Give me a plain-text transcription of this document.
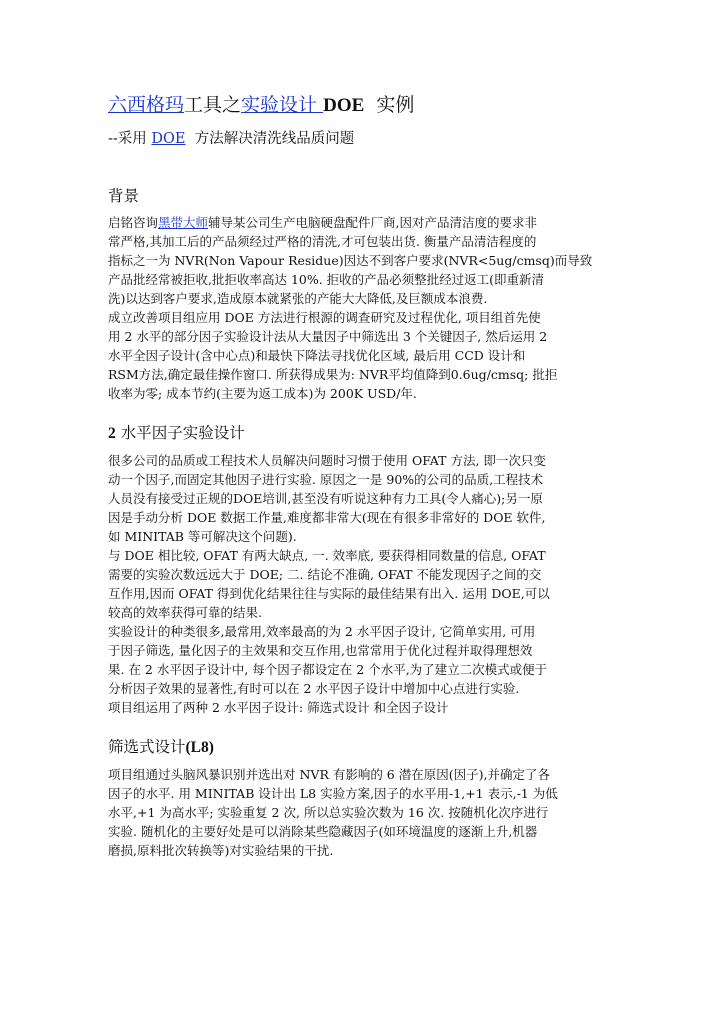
六西格玛工具之实验设计 DOE 实例
--采用 DOE 方法解决清洗线品质问题
背景
启铭咨询黑带大师辅导某公司生产电脑硬盘配件厂商,因对产品清洁度的要求非
常严格,其加工后的产品须经过严格的清洗,才可包装出货. 衡量产品清洁程度的
指标之一为 NVR(Non Vapour Residue)因达不到客户要求(NVR<5ug/cmsq)而导致
产品批经常被拒收,批拒收率高达 10%. 拒收的产品必须整批经过返工(即重新清
洗)以达到客户要求,造成原本就紧张的产能大大降低,及巨额成本浪费.
成立改善项目组应用 DOE 方法进行根源的调查研究及过程优化, 项目组首先使
用 2 水平的部分因子实验设计法从大量因子中筛选出 3 个关键因子, 然后运用 2
水平全因子设计(含中心点)和最快下降法寻找优化区域, 最后用 CCD 设计和
RSM方法,确定最佳操作窗口. 所获得成果为: NVR平均值降到0.6ug/cmsq; 批拒
收率为零; 成本节约(主要为返工成本)为 200K USD/年.
2 水平因子实验设计
很多公司的品质或工程技术人员解决问题时习惯于使用 OFAT 方法, 即一次只变
动一个因子,而固定其他因子进行实验. 原因之一是 90%的公司的品质,工程技术
人员没有接受过正规的DOE培训,甚至没有听说这种有力工具(令人痛心);另一原
因是手动分析 DOE 数据工作量,难度都非常大(现在有很多非常好的 DOE 软件,
如 MINITAB 等可解决这个问题).
与 DOE 相比较, OFAT 有两大缺点, 一. 效率底, 要获得相同数量的信息, OFAT
需要的实验次数远远大于 DOE; 二. 结论不准确, OFAT 不能发现因子之间的交
互作用,因而 OFAT 得到优化结果往往与实际的最佳结果有出入. 运用 DOE,可以
较高的效率获得可靠的结果.
实验设计的种类很多,最常用,效率最高的为 2 水平因子设计, 它简单实用, 可用
于因子筛选, 量化因子的主效果和交互作用,也常常用于优化过程并取得理想效
果. 在 2 水平因子设计中, 每个因子都设定在 2 个水平,为了建立二次模式或便于
分析因子效果的显著性,有时可以在 2 水平因子设计中增加中心点进行实验.
项目组运用了两种 2 水平因子设计: 筛选式设计 和全因子设计
筛选式设计(L8)
项目组通过头脑风暴识别并选出对 NVR 有影响的 6 潜在原因(因子),并确定了各
因子的水平. 用 MINITAB 设计出 L8 实验方案,因子的水平用-1,+1 表示,-1 为低
水平,+1 为高水平; 实验重复 2 次, 所以总实验次数为 16 次. 按随机化次序进行
实验. 随机化的主要好处是可以消除某些隐藏因子(如环境温度的逐渐上升,机器
磨损,原料批次转换等)对实验结果的干扰.
